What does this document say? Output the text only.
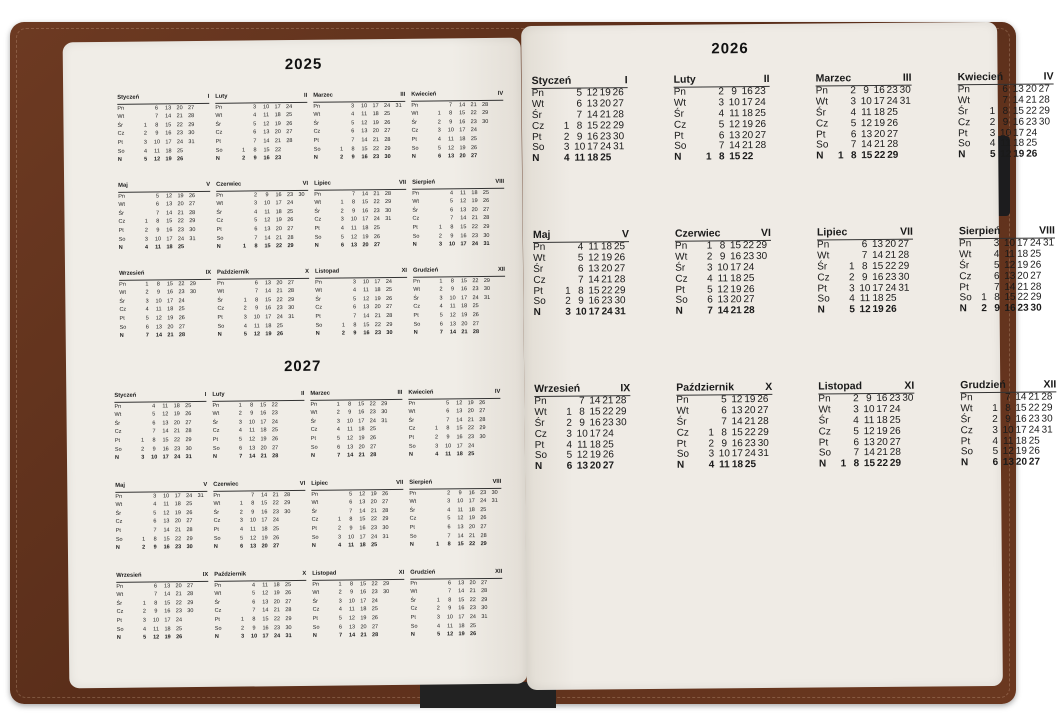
2025
2027
Styczeń	I
Pn	6	13 20 27
Wt	7	14 21 28
Śr	1	8	15 22 29
Cz	2	9	16 23 30
Pt	3	10 17 24 31
So	4	11	18 25
N	5	12 19 26
Luty	II
Pn	3	10 17 24
Wt	4	11	18 25
Śr	5	12 19 26
Cz	6	13 20 27
Pt	7	14 21 28
So	1	8	15 22
N	2	9	16 23
Marzec	III
Pn	3	10 17 24 31
Wt	4	11	18 25
Śr	5	12 19 26
Cz	6	13 20 27
Pt	7	14 21 28
So	1	8	15 22 29
N	2	9	16 23 30
Kwiecień	IV
Pn	7	14 21 28
Wt	1	8	15 22 29
Śr	2	9	16 23 30
Cz	3	10 17 24
Pt	4	11	18 25
So	5	12 19 26
N	6	13 20 27
Maj	V
Pn	5	12 19 26
Wt	6	13 20 27
Śr	7	14 21 28
Cz	1	8	15 22 29
Pt	2	9	16 23 30
So	3	10 17 24 31
N	4	11 18 25
Czerwiec	VI
Pn	2	9	16 23 30
Wt	3	10 17 24
Śr	4	11	18 25
Cz	5	12 19 26
Pt	6	13 20 27
So	7	14 21 28
N	1	8	15 22 29
Lipiec	VII
Pn	7	14 21 28
Wt	1	8	15 22 29
Śr	2	9	16 23 30
Cz	3	10 17 24 31
Pt	4	11	18 25
So	5	12 19 26
N	6	13 20 27
Sierpień	VIII
Pn	4	11	18 25
Wt	5	12 19 26
Śr	6	13 20 27
Cz	7	14 21 28
Pt	1	8	15 22 29
So	2	9	16 23 30
N	3	10 17 24 31
Wrzesień	IX
Pn	1	8	15 22 29
Wt	2	9	16 23 30
Śr	3	10 17 24
Cz	4	11	18 25
Pt	5	12 19 26
So	6	13 20 27
N	7	14 21 28
Październik	X
Pn	6	13 20 27
Wt	7	14 21 28
Śr	1	8	15 22 29
Cz	2	9	16 23 30
Pt	3	10 17 24 31
So	4	11	18 25
N	5	12 19 26
Listopad	XI
Pn	3	10 17 24
Wt	4	11	18 25
Śr	5	12 19 26
Cz	6	13 20 27
Pt	7	14 21 28
So	1	8	15 22 29
N	2	9	16 23 30
Grudzień	XII
Pn	1	8	15 22 29
Wt	2	9	16 23 30
Śr	3	10 17 24 31
Cz	4	11	18 25
Pt	5	12 19 26
So	6	13 20 27
N	7	14 21 28
Styczeń	I
Pn	4	11	18 25
Wt	5	12 19 26
Śr	6	13 20 27
Cz	7	14 21 28
Pt	1	8	15 22 29
So	2	9	16 23 30
N	3	10 17 24 31
Luty	II
Pn	1	8	15 22
Wt	2	9	16 23
Śr	3	10 17 24
Cz	4	11	18 25
Pt	5	12 19 26
So	6	13 20 27
N	7	14 21 28
Marzec	III
Pn	1	8	15 22 29
Wt	2	9	16 23 30
Śr	3	10 17 24 31
Cz	4	11	18 25
Pt	5	12 19 26
So	6	13 20 27
N	7	14 21 28
Kwiecień	IV
Pn	5	12 19 26
Wt	6	13 20 27
Śr	7	14 21 28
Cz	1	8	15 22 29
Pt	2	9	16 23 30
So	3	10 17 24
N	4	11 18 25
Maj	V
Pn	3	10 17 24 31
Wt	4	11	18 25
Śr	5	12 19 26
Cz	6	13 20 27
Pt	7	14 21 28
So	1	8	15 22 29
N	2	9	16 23 30
Czerwiec	VI
Pn	7	14 21 28
Wt	1	8	15 22 29
Śr	2	9	16 23 30
Cz	3	10 17 24
Pt	4	11	18 25
So	5	12 19 26
N	6	13 20 27
Lipiec	VII
Pn	5	12 19 26
Wt	6	13 20 27
Śr	7	14 21 28
Cz	1	8	15 22 29
Pt	2	9	16 23 30
So	3	10 17 24 31
N	4	11 18 25
Sierpień	VIII
Pn	2	9	16 23 30
Wt	3	10 17 24 31
Śr	4	11	18 25
Cz	5	12 19 26
Pt	6	13 20 27
So	7	14 21 28
N	1	8	15 22 29
Wrzesień	IX
Pn	6	13 20 27
Wt	7	14 21 28
Śr	1	8	15 22 29
Cz	2	9	16 23 30
Pt	3	10 17 24
So	4	11	18 25
N	5	12 19 26
Październik	X
Pn	4	11	18 25
Wt	5	12 19 26
Śr	6	13 20 27
Cz	7	14 21 28
Pt	1	8	15 22 29
So	2	9	16 23 30
N	3	10 17 24 31
Listopad	XI
Pn	1	8	15 22 29
Wt	2	9	16 23 30
Śr	3	10 17 24
Cz	4	11	18 25
Pt	5	12 19 26
So	6	13 20 27
N	7	14 21 28
Grudzień	XII
Pn	6	13 20 27
Wt	7	14 21 28
Śr	1	8	15 22 29
Cz	2	9	16 23 30
Pt	3	10 17 24 31
So	4	11	18 25
N	5	12 19 26
2026
Styczeń	I
Pn	5 12 19 26
Wt	6 13 20 27
Śr	7 14 21 28
Cz	1 8 15 22 29
Pt	2 9 16 23 30
So	3 10 17 24 31
N	4 11 18 25
Luty	II
Pn	2 9 16 23
Wt	3 10 17 24
Śr	4 11 18 25
Cz	5 12 19 26
Pt	6 13 20 27
So	7 14 21 28
N	1 8 15 22
Marzec	III
Pn	2 9 16 23 30
Wt	3 10 17 24 31
Śr	4 11 18 25
Cz	5 12 19 26
Pt	6 13 20 27
So	7 14 21 28
N	1 8 15 22 29
Kwiecień	IV
Pn	6 13 20 27
Wt	7 14 21 28
Śr	1 8 15 22 29
Cz	2 9 16 23 30
Pt	3 10 17 24
So	4 11 18 25
N	5 12 19 26
Maj	V
Pn	4 11 18 25
Wt	5 12 19 26
Śr	6 13 20 27
Cz	7 14 21 28
Pt	1 8 15 22 29
So	2 9 16 23 30
N	3 10 17 24 31
Czerwiec	VI
Pn	1 8 15 22 29
Wt	2 9 16 23 30
Śr	3 10 17 24
Cz	4 11 18 25
Pt	5 12 19 26
So	6 13 20 27
N	7 14 21 28
Lipiec	VII
Pn	6 13 20 27
Wt	7 14 21 28
Śr	1 8 15 22 29
Cz	2 9 16 23 30
Pt	3 10 17 24 31
So	4 11 18 25
N	5 12 19 26
Sierpień	VIII
Pn	3 10 17 24 31
Wt	4 11 18 25
Śr	5 12 19 26
Cz	6 13 20 27
Pt	7 14 21 28
So 1 8 15 22 29
N	2 9 16 23 30
Wrzesień	IX
Pn	7 14 21 28
Wt	1 8 15 22 29
Śr	2 9 16 23 30
Cz	3 10 17 24
Pt	4 11 18 25
So	5 12 19 26
N	6 13 20 27
Październik	X
Pn	5 12 19 26
Wt	6 13 20 27
Śr	7 14 21 28
Cz	1 8 15 22 29
Pt	2 9 16 23 30
So	3 10 17 24 31
N	4 11 18 25
Listopad	XI
Pn	2 9 16 23 30
Wt	3 10 17 24
Śr	4 11 18 25
Cz	5 12 19 26
Pt	6 13 20 27
So	7 14 21 28
N	1 8 15 22 29
Grudzień	XII
Pn	7 14 21 28
Wt	1 8 15 22 29
Śr	2 9 16 23 30
Cz	3 10 17 24 31
Pt	4 11 18 25
So	5 12 19 26
N	6 13 20 27
